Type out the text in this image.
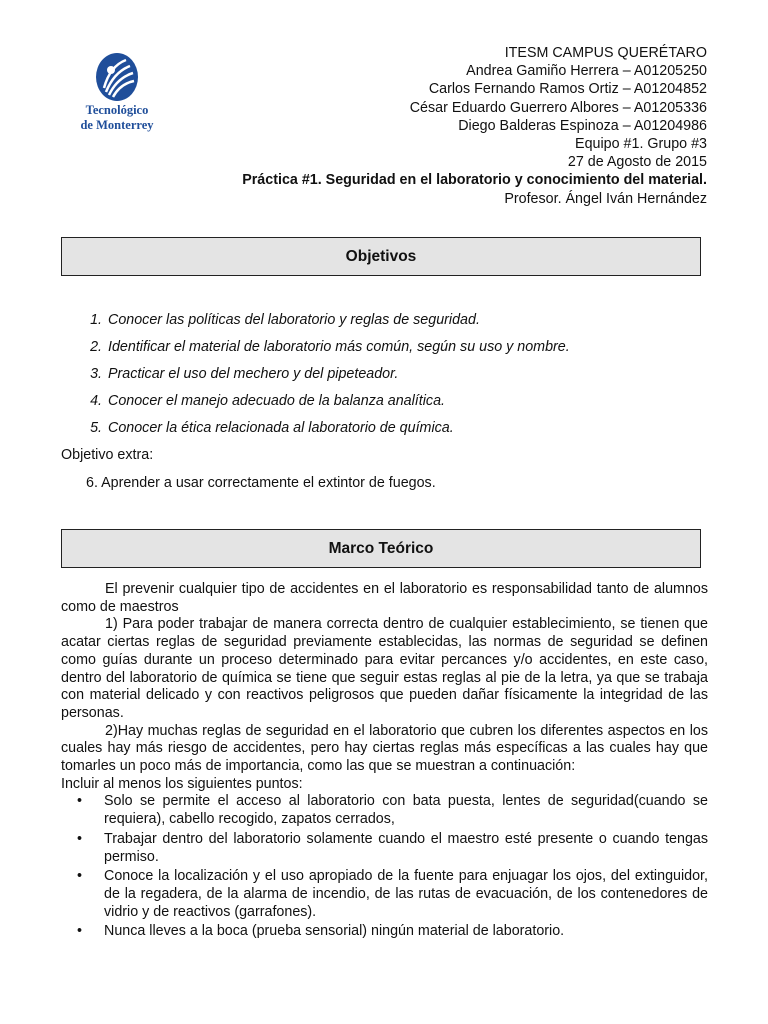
Tecnológico
de Monterrey
ITESM CAMPUS QUERÉTARO
Andrea Gamiño Herrera – A01205250
Carlos Fernando Ramos Ortiz – A01204852
César Eduardo Guerrero Albores – A01205336
Diego Balderas Espinoza – A01204986
Equipo #1. Grupo #3
27 de Agosto de 2015
Práctica #1. Seguridad en el laboratorio y conocimiento del material.
Profesor. Ángel Iván Hernández
Objetivos
1. Conocer las políticas del laboratorio y reglas de seguridad.
2. Identificar el material de laboratorio más común, según su uso y nombre.
3. Practicar el uso del mechero y del pipeteador.
4. Conocer el manejo adecuado de la balanza analítica.
5. Conocer la ética relacionada al laboratorio de química.
Objetivo extra:
6. Aprender a usar correctamente el extintor de fuegos.
Marco Teórico

El prevenir cualquier tipo de accidentes en el laboratorio es responsabilidad tanto de alumnos como de maestros

1) Para poder trabajar de manera correcta dentro de cualquier establecimiento, se tienen que acatar ciertas reglas de seguridad previamente establecidas, las normas de seguridad se definen como guías durante un proceso determinado para evitar percances y/o accidentes, en este caso, dentro del laboratorio de química se tiene que seguir estas reglas al pie de la letra, ya que se trabaja con material delicado y con reactivos peligrosos que pueden dañar físicamente la integridad de las personas.

2)Hay muchas reglas de seguridad en el laboratorio que cubren los diferentes aspectos en los cuales hay más riesgo de accidentes, pero hay ciertas reglas más específicas a las cuales hay que tomarles un poco más de importancia, como las que se muestran a continuación:

Incluir al menos los siguientes puntos:

• Solo se permite el acceso al laboratorio con bata puesta, lentes de seguridad(cuando se requiera), cabello recogido, zapatos cerrados,
• Trabajar dentro del laboratorio solamente cuando el maestro esté presente o cuando tengas permiso.
• Conoce la localización y el uso apropiado de la fuente para enjuagar los ojos, del extinguidor, de la regadera, de la alarma de incendio, de las rutas de evacuación, de los contenedores de vidrio y de reactivos (garrafones).
• Nunca lleves a la boca (prueba sensorial) ningún material de laboratorio.
